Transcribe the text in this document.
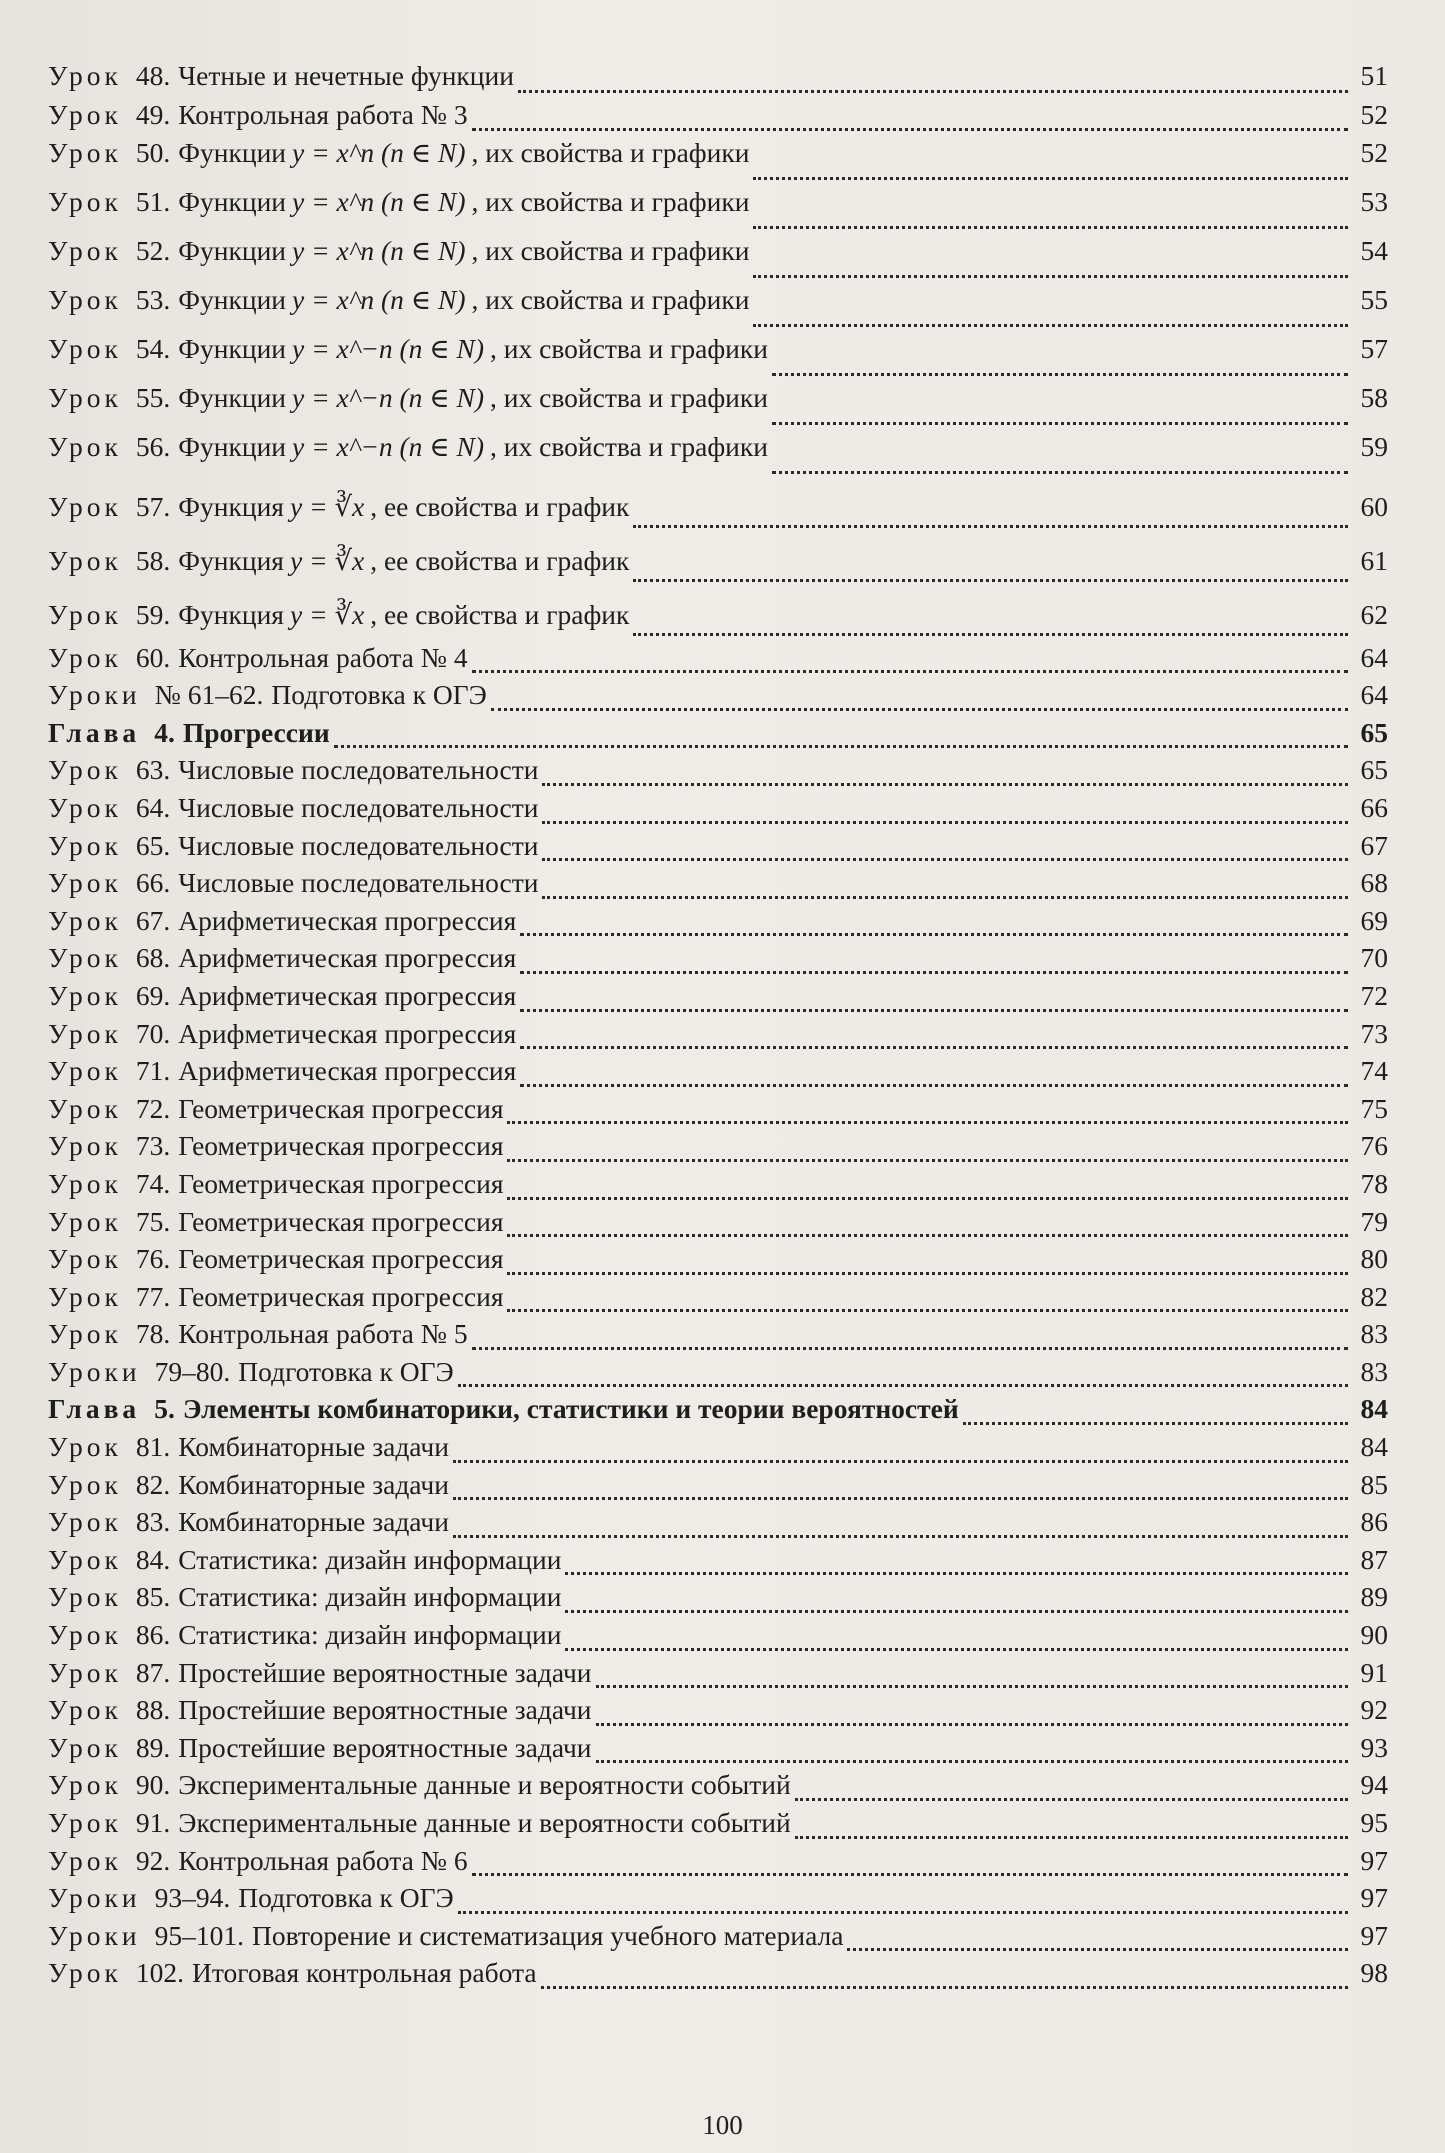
Урок 48. Четные и нечетные функции	51
Урок 49. Контрольная работа № 3	52
Урок 50. Функции y = x^n (n ∈ N) , их свойства и графики	52
Урок 51. Функции y = x^n (n ∈ N) , их свойства и графики	53
Урок 52. Функции y = x^n (n ∈ N) , их свойства и графики	54
Урок 53. Функции y = x^n (n ∈ N) , их свойства и графики	55
Урок 54. Функции y = x^−n (n ∈ N) , их свойства и графики	57
Урок 55. Функции y = x^−n (n ∈ N) , их свойства и графики	58
Урок 56. Функции y = x^−n (n ∈ N) , их свойства и графики	59
Урок 57. Функция y = ∛x , ее свойства и график	60
Урок 58. Функция y = ∛x , ее свойства и график	61
Урок 59. Функция y = ∛x , ее свойства и график	62
Урок 60. Контрольная работа № 4	64
Уроки № 61–62. Подготовка к ОГЭ	64
Глава 4. Прогрессии	65
Урок 63. Числовые последовательности	65
Урок 64. Числовые последовательности	66
Урок 65. Числовые последовательности	67
Урок 66. Числовые последовательности	68
Урок 67. Арифметическая прогрессия	69
Урок 68. Арифметическая прогрессия	70
Урок 69. Арифметическая прогрессия	72
Урок 70. Арифметическая прогрессия	73
Урок 71. Арифметическая прогрессия	74
Урок 72. Геометрическая прогрессия	75
Урок 73. Геометрическая прогрессия	76
Урок 74. Геометрическая прогрессия	78
Урок 75. Геометрическая прогрессия	79
Урок 76. Геометрическая прогрессия	80
Урок 77. Геометрическая прогрессия	82
Урок 78. Контрольная работа № 5	83
Уроки 79–80. Подготовка к ОГЭ	83
Глава 5. Элементы комбинаторики, статистики и теории вероятностей	84
Урок 81. Комбинаторные задачи	84
Урок 82. Комбинаторные задачи	85
Урок 83. Комбинаторные задачи	86
Урок 84. Статистика: дизайн информации	87
Урок 85. Статистика: дизайн информации	89
Урок 86. Статистика: дизайн информации	90
Урок 87. Простейшие вероятностные задачи	91
Урок 88. Простейшие вероятностные задачи	92
Урок 89. Простейшие вероятностные задачи	93
Урок 90. Экспериментальные данные и вероятности событий	94
Урок 91. Экспериментальные данные и вероятности событий	95
Урок 92. Контрольная работа № 6	97
Уроки 93–94. Подготовка к ОГЭ	97
Уроки 95–101. Повторение и систематизация учебного материала	97
Урок 102. Итоговая контрольная работа	98
100
